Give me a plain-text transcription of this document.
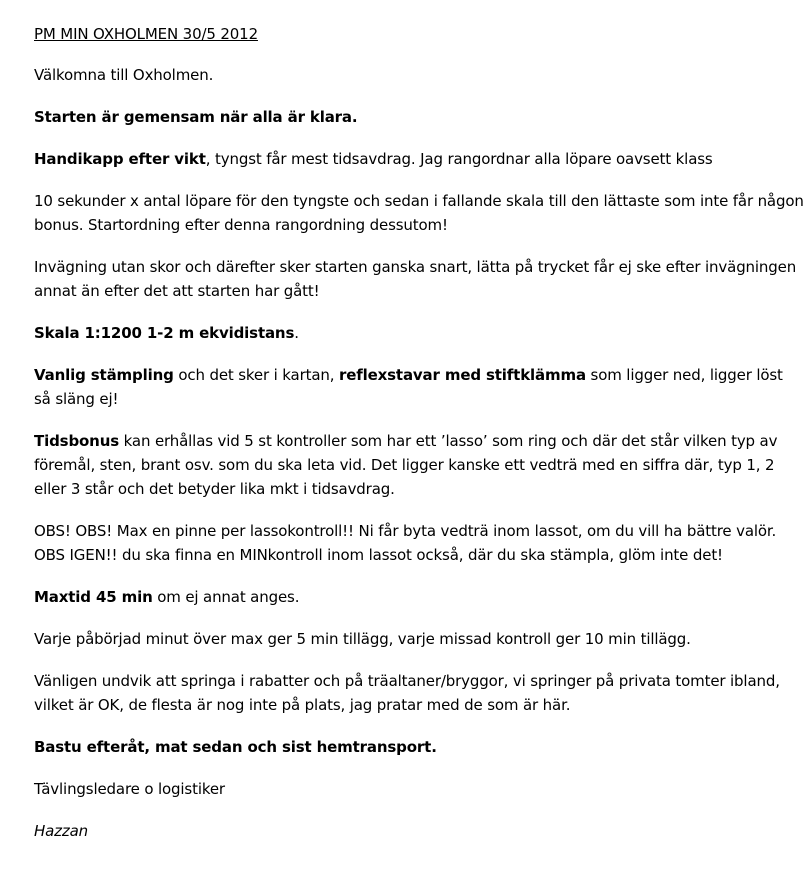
PM MIN OXHOLMEN 30/5 2012

Välkomna till Oxholmen.

Starten är gemensam när alla är klara.

Handikapp efter vikt, tyngst får mest tidsavdrag. Jag rangordnar alla löpare oavsett klass

10 sekunder x antal löpare för den tyngste och sedan i fallande skala till den lättaste som inte får någon bonus. Startordning efter denna rangordning dessutom!

Invägning utan skor och därefter sker starten ganska snart, lätta på trycket får ej ske efter invägningen annat än efter det att starten har gått!

Skala 1:1200 1-2 m ekvidistans.

Vanlig stämpling och det sker i kartan, reflexstavar med stiftklämma som ligger ned, ligger löst så släng ej!

Tidsbonus kan erhållas vid 5 st kontroller som har ett ’lasso’ som ring och där det står vilken typ av föremål, sten, brant osv. som du ska leta vid. Det ligger kanske ett vedträ med en siffra där, typ 1, 2 eller 3 står och det betyder lika mkt i tidsavdrag.

OBS! OBS! Max en pinne per lassokontroll!! Ni får byta vedträ inom lassot, om du vill ha bättre valör.
OBS IGEN!! du ska finna en MINkontroll inom lassot också, där du ska stämpla, glöm inte det!

Maxtid 45 min om ej annat anges.

Varje påbörjad minut över max ger 5 min tillägg, varje missad kontroll ger 10 min tillägg.

Vänligen undvik att springa i rabatter och på träaltaner/bryggor, vi springer på privata tomter ibland, vilket är OK, de flesta är nog inte på plats, jag pratar med de som är här.

Bastu efteråt, mat sedan och sist hemtransport.

Tävlingsledare o logistiker

Hazzan
